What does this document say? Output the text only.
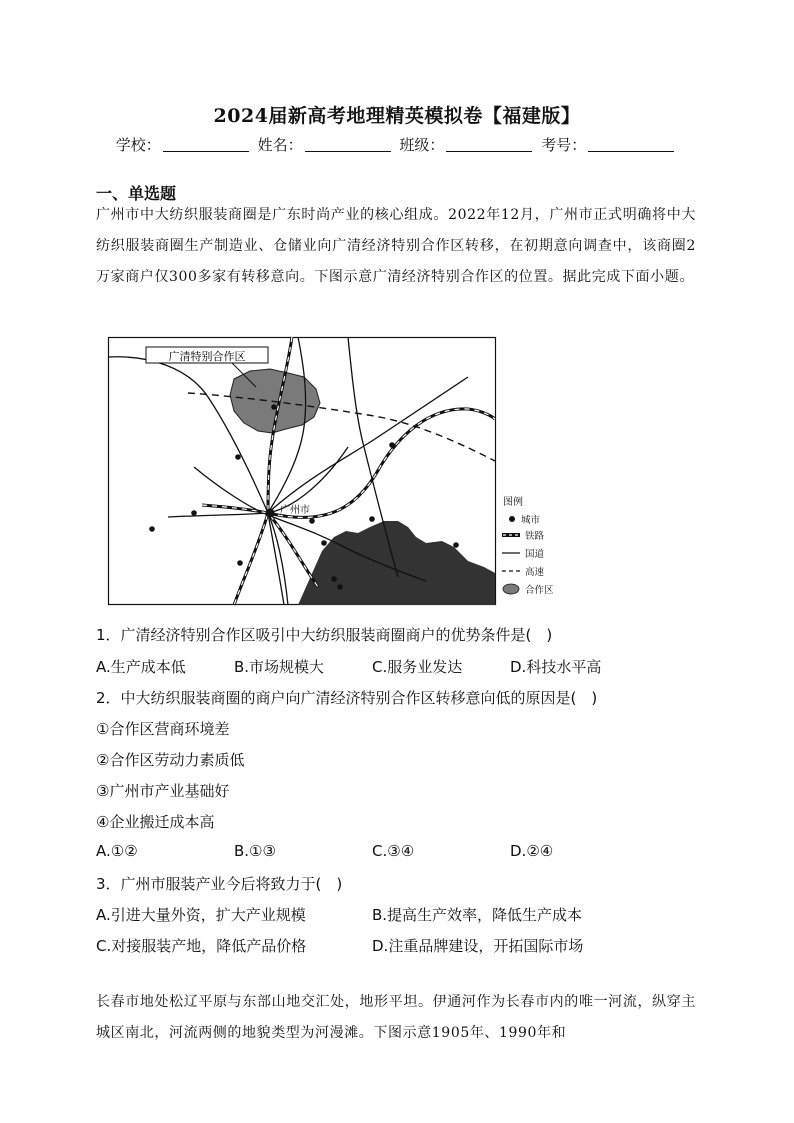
2024届新高考地理精英模拟卷【福建版】
学校：	姓名：	班级：	考号：
一、单选题
广州市中大纺织服装商圈是广东时尚产业的核心组成。2022年12月，广州市正式明确将中大纺织服装商圈生产制造业、仓储业向广清经济特别合作区转移，在初期意向调查中，该商圈2万家商户仅300多家有转移意向。下图示意广清经济特别合作区的位置。据此完成下面小题。
广清特别合作区
广州市
图例
城市
铁路
国道
高速
合作区
1．广清经济特别合作区吸引中大纺织服装商圈商户的优势条件是(　)
A.生产成本低	B.市场规模大	C.服务业发达	D.科技水平高
2．中大纺织服装商圈的商户向广清经济特别合作区转移意向低的原因是(　)
①合作区营商环境差
②合作区劳动力素质低
③广州市产业基础好
④企业搬迁成本高
A.①②	B.①③	C.③④	D.②④
3．广州市服装产业今后将致力于(　)
A.引进大量外资，扩大产业规模	B.提高生产效率，降低生产成本
C.对接服装产地，降低产品价格	D.注重品牌建设，开拓国际市场
长春市地处松辽平原与东部山地交汇处，地形平坦。伊通河作为长春市内的唯一河流，纵穿主城区南北，河流两侧的地貌类型为河漫滩。下图示意1905年、1990年和
